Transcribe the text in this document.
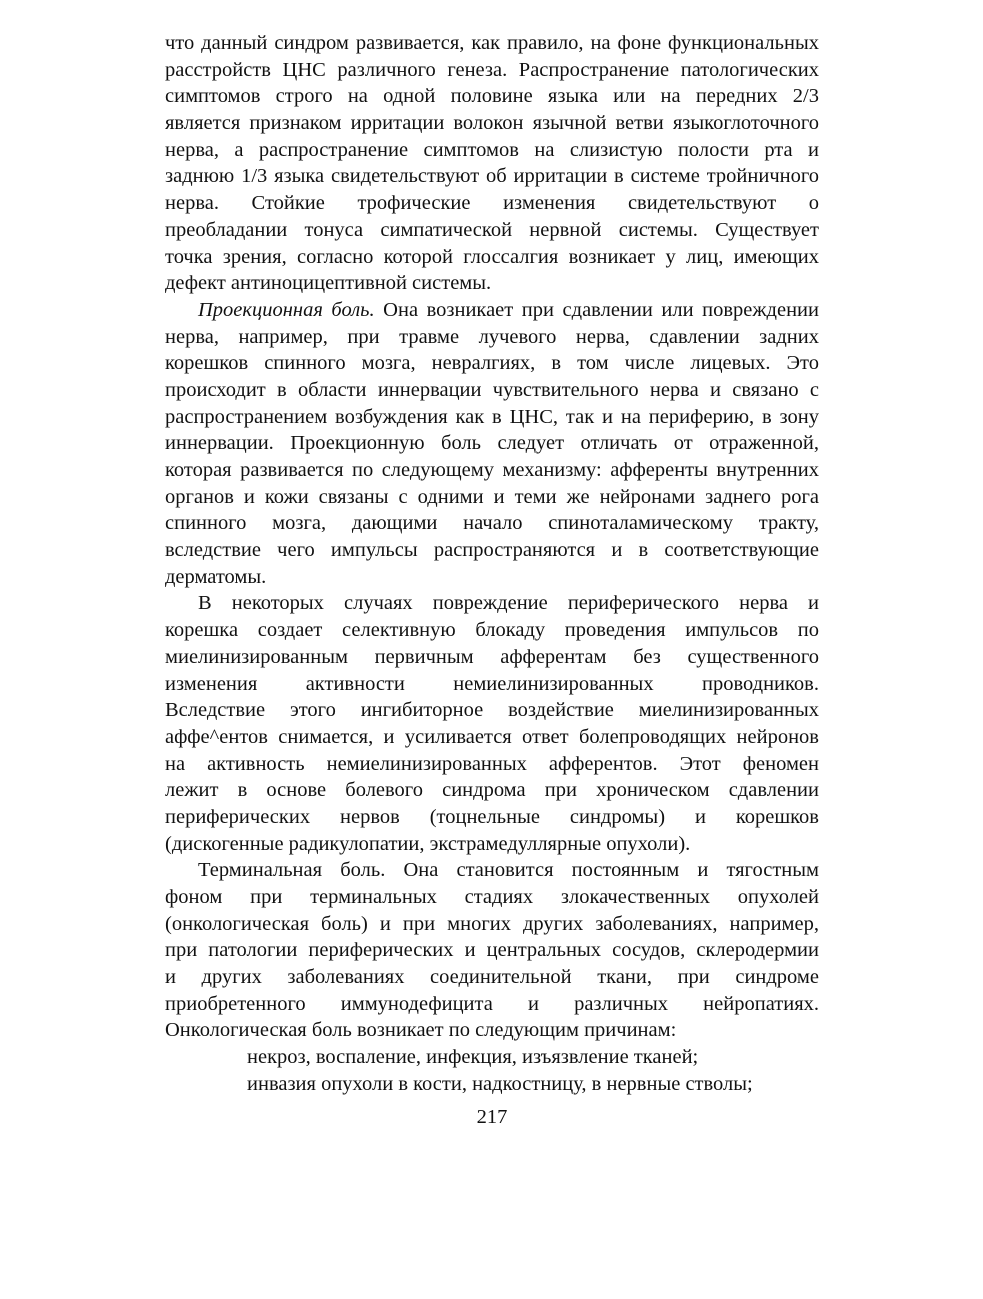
что данный синдром развивается, как правило, на фоне функциональных
расстройств ЦНС различного генеза. Распространение патологических
симптомов строго на одной половине языка или на передних 2/3
является признаком ирритации волокон язычной ветви языкоглоточного
нерва, а распространение симптомов на слизистую полости рта и
заднюю 1/3 языка свидетельствуют об ирритации в системе тройничного
нерва. Стойкие трофические изменения свидетельствуют о
преобладании тонуса симпатической нервной системы. Существует
точка зрения, согласно которой глоссалгия возникает у лиц, имеющих
дефект антиноцицептивной системы.
Проекционная боль. Она возникает при сдавлении или повреждении
нерва, например, при травме лучевого нерва, сдавлении задних
корешков спинного мозга, невралгиях, в том числе лицевых. Это
происходит в области иннервации чувствительного нерва и связано с
распространением возбуждения как в ЦНС, так и на периферию, в зону
иннервации. Проекционную боль следует отличать от отраженной,
которая развивается по следующему механизму: афференты внутренних
органов и кожи связаны с одними и теми же нейронами заднего рога
спинного мозга, дающими начало спиноталамическому тракту,
вследствие чего импульсы распространяются и в соответствующие
дерматомы.
В некоторых случаях повреждение периферического нерва и
корешка создает селективную блокаду проведения импульсов по
миелинизированным первичным афферентам без существенного
изменения активности немиелинизированных проводников.
Вследствие этого ингибиторное воздействие миелинизированных
аффе^ентов снимается, и усиливается ответ болепроводящих нейронов
на активность немиелинизированных афферентов. Этот феномен
лежит в основе болевого синдрома при хроническом сдавлении
периферических нервов (тоцнельные синдромы) и корешков
(дискогенные радикулопатии, экстрамедуллярные опухоли).
Терминальная боль. Она становится постоянным и тягостным
фоном при терминальных стадиях злокачественных опухолей
(онкологическая боль) и при многих других заболеваниях, например,
при патологии периферических и центральных сосудов, склеродермии
и других заболеваниях соединительной ткани, при синдроме
приобретенного иммунодефицита и различных нейропатиях.
Онкологическая боль возникает по следующим причинам:
некроз, воспаление, инфекция, изъязвление тканей;
инвазия опухоли в кости, надкостницу, в нервные стволы;
217
